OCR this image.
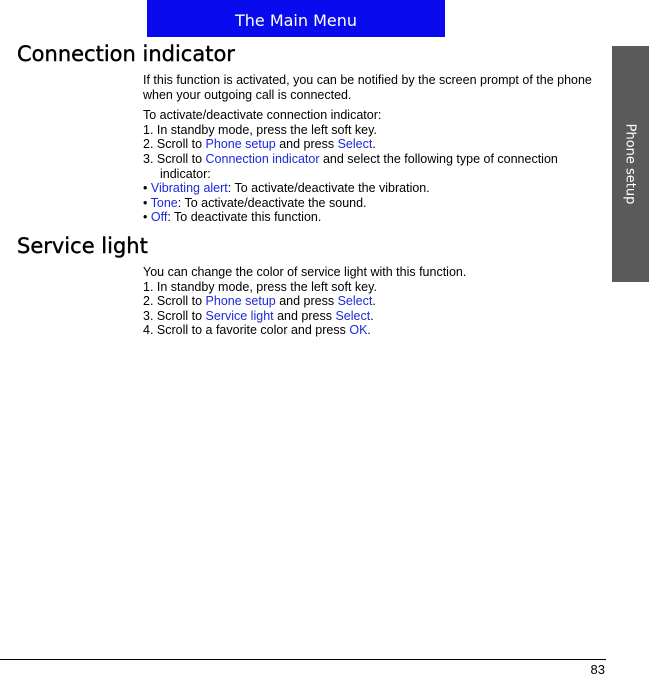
The Main Menu
Phone setup
Connection indicator

If this function is activated, you can be notified by the screen prompt of the phone when your outgoing call is connected.

To activate/deactivate connection indicator:

1. In standby mode, press the left soft key.

2. Scroll to Phone setup and press Select.

3. Scroll to Connection indicator and select the following type of connection

indicator:

• Vibrating alert: To activate/deactivate the vibration.

• Tone: To activate/deactivate the sound.

• Off: To deactivate this function.

Service light

You can change the color of service light with this function.

1. In standby mode, press the left soft key.

2. Scroll to Phone setup and press Select.

3. Scroll to Service light and press Select.

4. Scroll to a favorite color and press OK.

83
